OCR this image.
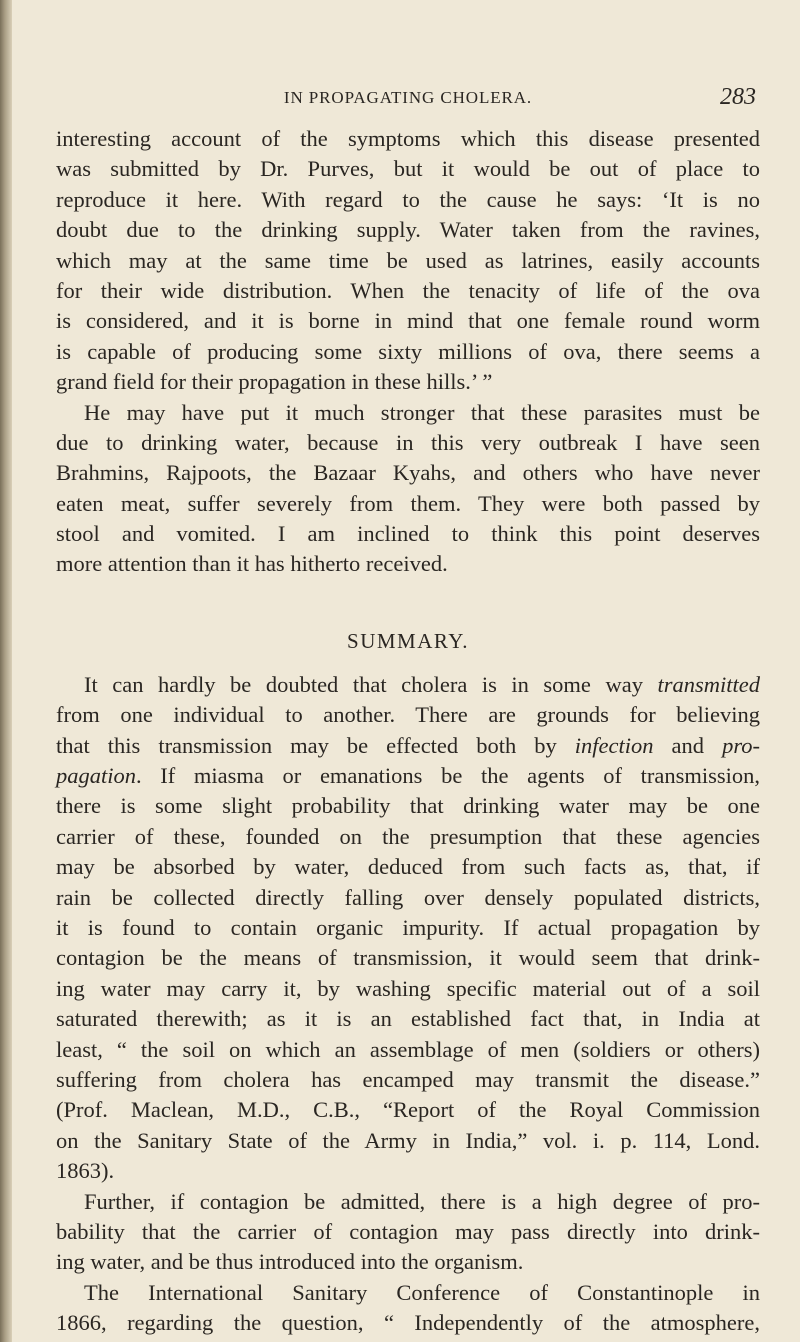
IN PROPAGATING CHOLERA.	283
interesting account of the symptoms which this disease presented
was submitted by Dr. Purves, but it would be out of place to
reproduce it here. With regard to the cause he says: ‘It is no
doubt due to the drinking supply. Water taken from the ravines,
which may at the same time be used as latrines, easily accounts
for their wide distribution. When the tenacity of life of the ova
is considered, and it is borne in mind that one female round worm
is capable of producing some sixty millions of ova, there seems a
grand field for their propagation in these hills.’ ”
He may have put it much stronger that these parasites must be
due to drinking water, because in this very outbreak I have seen
Brahmins, Rajpoots, the Bazaar Kyahs, and others who have never
eaten meat, suffer severely from them. They were both passed by
stool and vomited. I am inclined to think this point deserves
more attention than it has hitherto received.
SUMMARY.
It can hardly be doubted that cholera is in some way transmitted
from one individual to another. There are grounds for believing
that this transmission may be effected both by infection and pro-
pagation. If miasma or emanations be the agents of transmission,
there is some slight probability that drinking water may be one
carrier of these, founded on the presumption that these agencies
may be absorbed by water, deduced from such facts as, that, if
rain be collected directly falling over densely populated districts,
it is found to contain organic impurity. If actual propagation by
contagion be the means of transmission, it would seem that drink-
ing water may carry it, by washing specific material out of a soil
saturated therewith; as it is an established fact that, in India at
least, “ the soil on which an assemblage of men (soldiers or others)
suffering from cholera has encamped may transmit the disease.”
(Prof. Maclean, M.D., C.B., “Report of the Royal Commission
on the Sanitary State of the Army in India,” vol. i. p. 114, Lond.
1863).
Further, if contagion be admitted, there is a high degree of pro-
bability that the carrier of contagion may pass directly into drink-
ing water, and be thus introduced into the organism.
The International Sanitary Conference of Constantinople in
1866, regarding the question, “ Independently of the atmosphere,
